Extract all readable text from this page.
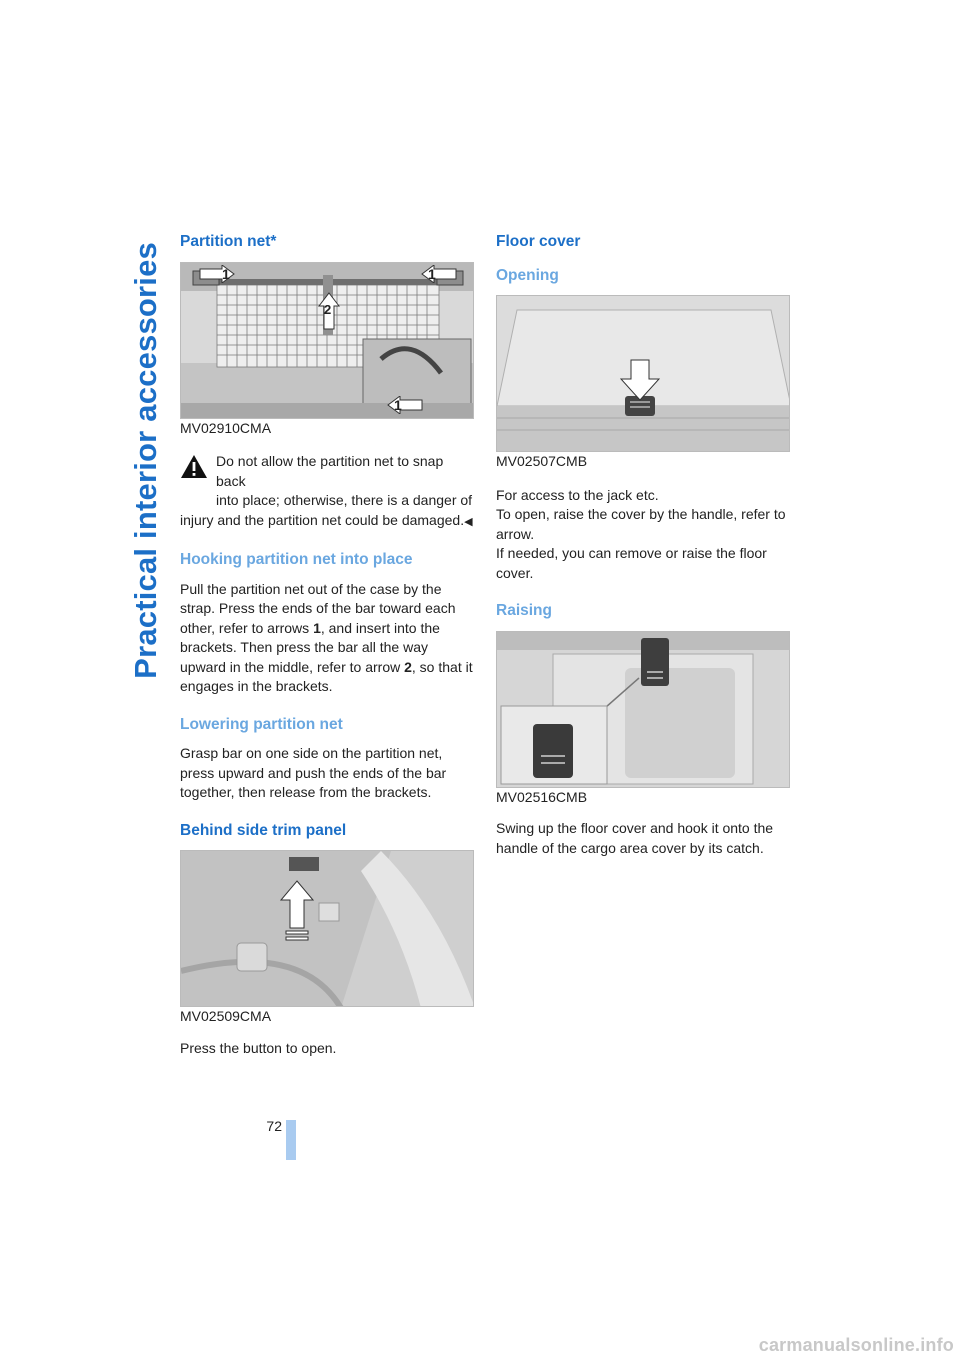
Practical interior accessories
Partition net*
1
2
1
1
MV02910CMA

Do not allow the partition net to snap back
into place; otherwise, there is a danger of
injury and the partition net could be damaged.◀

Hooking partition net into place

Pull the partition net out of the case by the strap. Press the ends of the bar toward each other, refer to arrows 1, and insert into the brackets. Then press the bar all the way upward in the middle, refer to arrow 2, so that it engages in the brackets.

Lowering partition net

Grasp bar on one side on the partition net, press upward and push the ends of the bar together, then release from the brackets.

Behind side trim panel
MV02509CMA

Press the button to open.

Floor cover
Opening
MV02507CMB

For access to the jack etc.

To open, raise the cover by the handle, refer to arrow.

If needed, you can remove or raise the floor cover.

Raising
MV02516CMB

Swing up the floor cover and hook it onto the handle of the cargo area cover by its catch.

72
carmanualsonline.info
